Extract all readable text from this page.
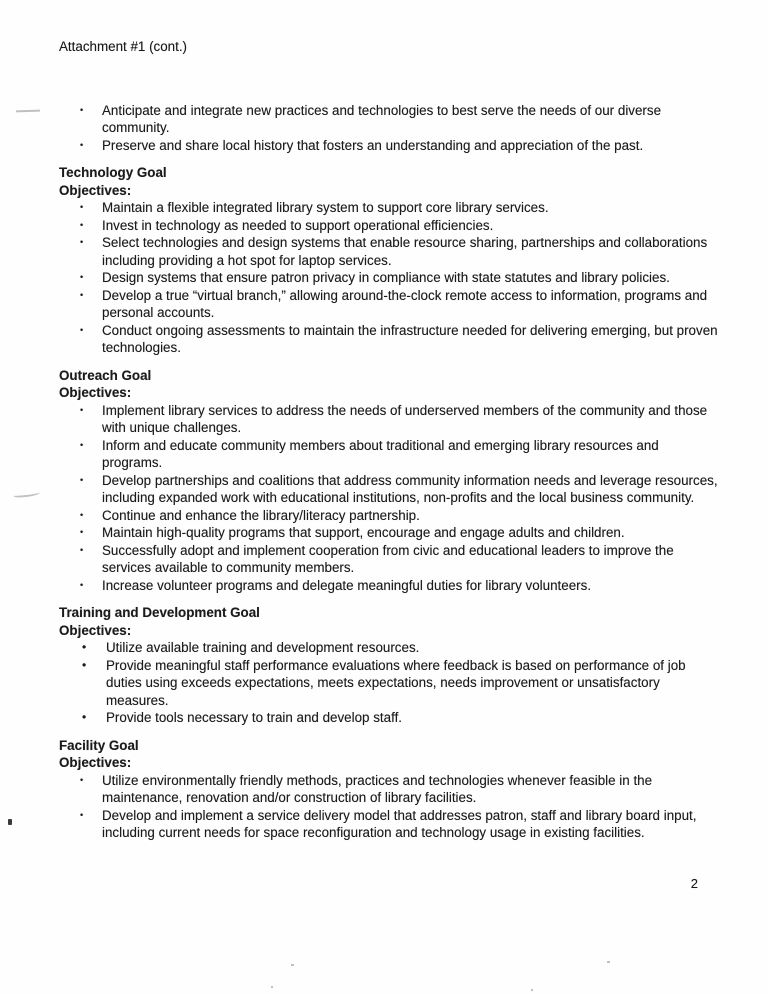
Attachment #1 (cont.)
•	Anticipate and integrate new practices and technologies to best serve the needs of our diverse community.
•	Preserve and share local history that fosters an understanding and appreciation of the past.
Technology Goal
Objectives:
•	Maintain a flexible integrated library system to support core library services.
•	Invest in technology as needed to support operational efficiencies.
•	Select technologies and design systems that enable resource sharing, partnerships and collaborations including providing a hot spot for laptop services.
•	Design systems that ensure patron privacy in compliance with state statutes and library policies.
•	Develop a true “virtual branch,” allowing around-the-clock remote access to information, programs and personal accounts.
•	Conduct ongoing assessments to maintain the infrastructure needed for delivering emerging, but proven technologies.
Outreach Goal
Objectives:
•	Implement library services to address the needs of underserved members of the community and those with unique challenges.
•	Inform and educate community members about traditional and emerging library resources and programs.
•	Develop partnerships and coalitions that address community information needs and leverage resources, including expanded work with educational institutions, non-profits and the local business community.
•	Continue and enhance the library/literacy partnership.
•	Maintain high-quality programs that support, encourage and engage adults and children.
•	Successfully adopt and implement cooperation from civic and educational leaders to improve the services available to community members.
•	Increase volunteer programs and delegate meaningful duties for library volunteers.
Training and Development Goal
Objectives:
•	Utilize available training and development resources.
•	Provide meaningful staff performance evaluations where feedback is based on performance of job duties using exceeds expectations, meets expectations, needs improvement or unsatisfactory measures.
•	Provide tools necessary to train and develop staff.
Facility Goal
Objectives:
•	Utilize environmentally friendly methods, practices and technologies whenever feasible in the maintenance, renovation and/or construction of library facilities.
•	Develop and implement a service delivery model that addresses patron, staff and library board input, including current needs for space reconfiguration and technology usage in existing facilities.
2
